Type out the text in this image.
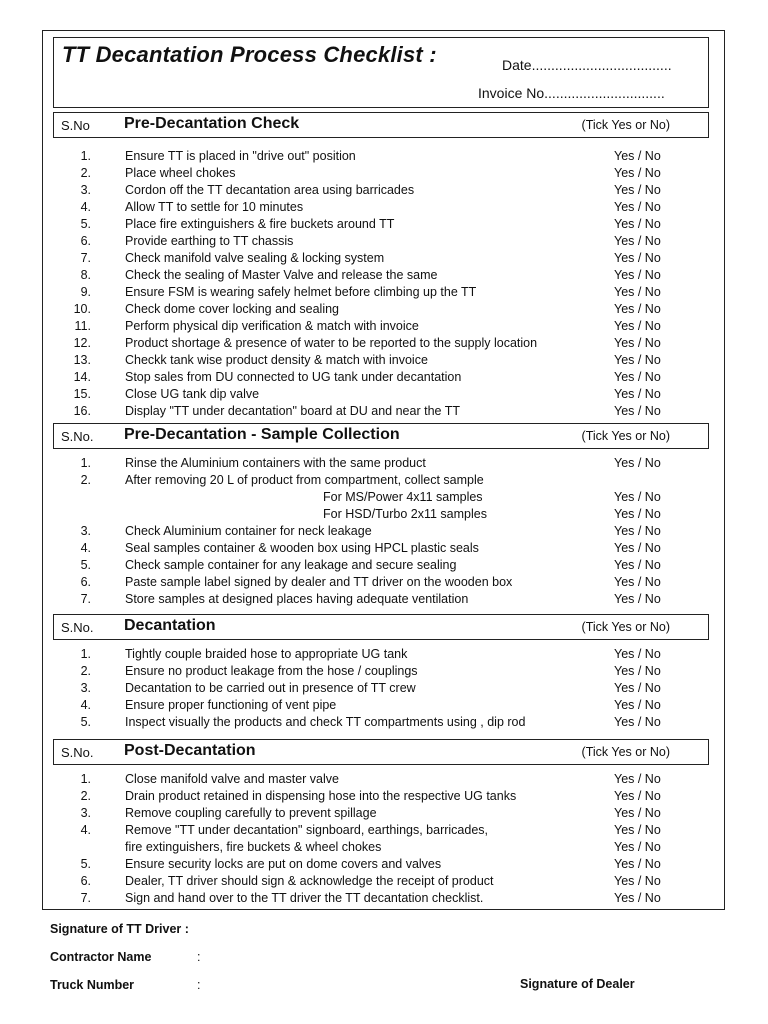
TT Decantation Process Checklist :	Date....................................
Invoice No...............................
S.No Pre-Decantation Check	(Tick Yes or No)
1.	Ensure TT is placed in "drive out" position	Yes / No
2.	Place wheel chokes	Yes / No
3.	Cordon off the TT decantation area using barricades	Yes / No
4.	Allow TT to settle for 10 minutes	Yes / No
5.	Place fire extinguishers & fire buckets around TT	Yes / No
6.	Provide earthing to TT chassis	Yes / No
7.	Check manifold valve sealing & locking system	Yes / No
8.	Check the sealing of Master Valve and release the same	Yes / No
9.	Ensure FSM is wearing safely helmet before climbing up the TT	Yes / No
10.	Check dome cover locking and sealing	Yes / No
11.	Perform physical dip verification & match with invoice	Yes / No
12.	Product shortage & presence of water to be reported to the supply location	Yes / No
13.	Checkk tank wise product density & match with invoice	Yes / No
14.	Stop sales from DU connected to UG tank under decantation	Yes / No
15.	Close UG tank dip valve	Yes / No
16.	Display "TT under decantation" board at DU and near the TT	Yes / No
S.No. Pre-Decantation - Sample Collection	(Tick Yes or No)
1.	Rinse the Aluminium containers with the same product	Yes / No
2.	After removing 20 L of product from compartment, collect sample
For MS/Power 4x11 samples	Yes / No
For HSD/Turbo 2x11 samples	Yes / No
3.	Check Aluminium container for neck leakage	Yes / No
4.	Seal samples container & wooden box using HPCL plastic seals	Yes / No
5.	Check sample container for any leakage and secure sealing	Yes / No
6.	Paste sample label signed by dealer and TT driver on the wooden box	Yes / No
7.	Store samples at designed places having adequate ventilation	Yes / No
S.No. Decantation	(Tick Yes or No)
1.	Tightly couple braided hose to appropriate UG tank	Yes / No
2.	Ensure no product leakage from the hose / couplings	Yes / No
3.	Decantation to be carried out in presence of TT crew	Yes / No
4.	Ensure proper functioning of vent pipe	Yes / No
5.	Inspect visually the products and check TT compartments using , dip rod	Yes / No
S.No. Post-Decantation	(Tick Yes or No)
1.	Close manifold valve and master valve	Yes / No
2.	Drain product retained in dispensing hose into the respective UG tanks	Yes / No
3.	Remove coupling carefully to prevent spillage	Yes / No
4.	Remove "TT under decantation" signboard, earthings, barricades,	Yes / No
fire extinguishers, fire buckets & wheel chokes	Yes / No
5.	Ensure security locks are put on dome covers and valves	Yes / No
6.	Dealer, TT driver should sign & acknowledge the receipt of product	Yes / No
7.	Sign and hand over to the TT driver the TT decantation checklist.	Yes / No
Signature of TT Driver :
Contractor Name	:
Truck Number	:	Signature of Dealer
